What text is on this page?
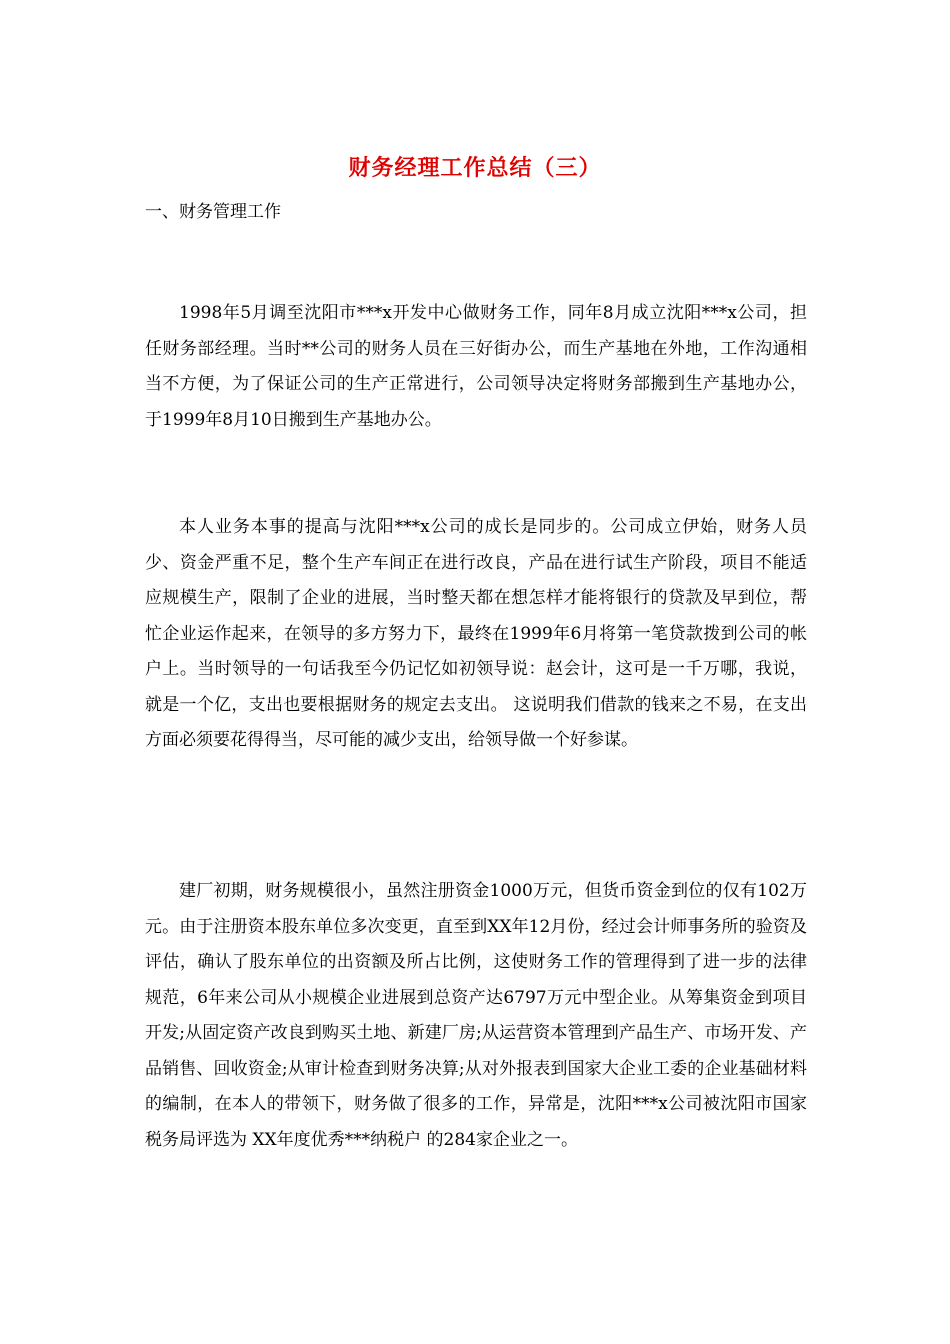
财务经理工作总结（三）
一、财务管理工作

1998年5月调至沈阳市***x开发中心做财务工作，同年8月成立沈阳***x公司，担任财务部经理。当时**公司的财务人员在三好街办公，而生产基地在外地，工作沟通相当不方便，为了保证公司的生产正常进行，公司领导决定将财务部搬到生产基地办公，于1999年8月10日搬到生产基地办公。

本人业务本事的提高与沈阳***x公司的成长是同步的。公司成立伊始，财务人员少、资金严重不足，整个生产车间正在进行改良，产品在进行试生产阶段，项目不能适应规模生产，限制了企业的进展，当时整天都在想怎样才能将银行的贷款及早到位，帮忙企业运作起来，在领导的多方努力下，最终在1999年6月将第一笔贷款拨到公司的帐户上。当时领导的一句话我至今仍记忆如初领导说：赵会计，这可是一千万哪，我说，就是一个亿，支出也要根据财务的规定去支出。 这说明我们借款的钱来之不易，在支出方面必须要花得得当，尽可能的减少支出，给领导做一个好参谋。

建厂初期，财务规模很小，虽然注册资金1000万元，但货币资金到位的仅有102万元。由于注册资本股东单位多次变更，直至到XX年12月份，经过会计师事务所的验资及评估，确认了股东单位的出资额及所占比例，这使财务工作的管理得到了进一步的法律规范，6年来公司从小规模企业进展到总资产达6797万元中型企业。从筹集资金到项目开发;从固定资产改良到购买土地、新建厂房;从运营资本管理到产品生产、市场开发、产品销售、回收资金;从审计检查到财务决算;从对外报表到国家大企业工委的企业基础材料的编制，在本人的带领下，财务做了很多的工作，异常是，沈阳***x公司被沈阳市国家税务局评选为 XX年度优秀***纳税户 的284家企业之一。
